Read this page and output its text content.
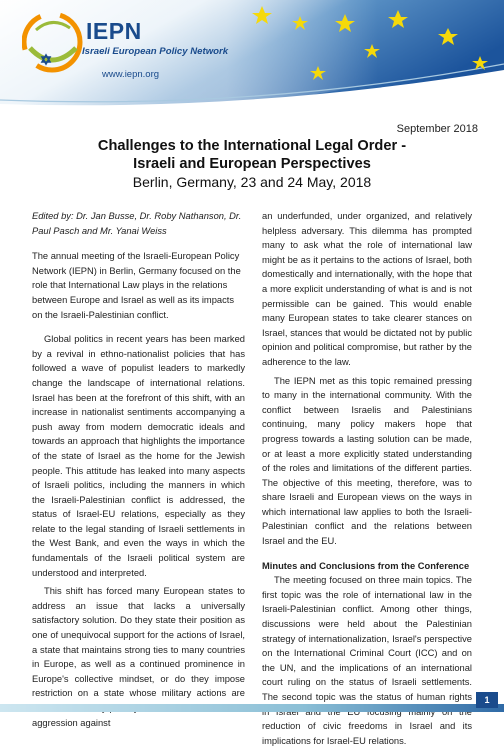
IEPN
Israeli European Policy Network
www.iepn.org
September 2018
Challenges to the International Legal Order -
Israeli and European Perspectives
Berlin, Germany, 23 and 24 May, 2018

Edited by: Dr. Jan Busse, Dr. Roby Nathanson, Dr. Paul Pasch and Mr. Yanai Weiss

The annual meeting of the Israeli-European Policy Network (IEPN) in Berlin, Germany focused on the role that International Law plays in the relations between Europe and Israel as well as its impacts on the Israeli-Palestinian conflict.

Global politics in recent years has been marked by a revival in ethno-nationalist policies that has followed a wave of populist leaders to markedly change the landscape of international relations. Israel has been at the forefront of this shift, with an increase in nationalist sentiments accompanying a push away from modern democratic ideals and towards an approach that highlights the importance of the state of Israel as the home for the Jewish people. This attitude has leaked into many aspects of Israeli politics, including the manners in which the Israeli-Palestinian conflict is addressed, the status of Israel-EU relations, especially as they relate to the legal standing of Israeli settlements in the West Bank, and even the ways in which the fundamentals of the Israeli political system are understood and interpreted.

This shift has forced many European states to address an issue that lacks a universally satisfactory solution. Do they state their position as one of unequivocal support for the actions of Israel, a state that maintains strong ties to many countries in Europe, as well as a continued prominence in Europe's collective mindset, or do they impose restriction on a state whose military actions are aggression against

an underfunded, under organized, and relatively helpless adversary. This dilemma has prompted many to ask what the role of international law might be as it pertains to the actions of Israel, both domestically and internationally, with the hope that a more explicit understanding of what is and is not permissible can be gained. This would enable many European states to take clearer stances on Israel, stances that would be dictated not by public opinion and political compromise, but rather by the adherence to the law.

The IEPN met as this topic remained pressing to many in the international community. With the conflict between Israelis and Palestinians continuing, many policy makers hope that progress towards a lasting solution can be made, or at least a more explicitly stated understanding of the roles and limitations of the different parties. The objective of this meeting, therefore, was to share Israeli and European views on the ways in which international law applies to both the Israeli-Palestinian conflict and the relations between Israel and the EU.

Minutes and Conclusions from the Conference

The meeting focused on three main topics. The first topic was the role of international law in the Israeli-Palestinian conflict. Among other things, discussions were held about the Palestinian strategy of internationalization, Israel's perspective on the International Criminal Court (ICC) and on the UN, and the implications of an international court ruling on the status of Israeli settlements. The second topic was the status of human rights reduction of civic freedoms in Israel and its implications for Israel-EU relations.

1
